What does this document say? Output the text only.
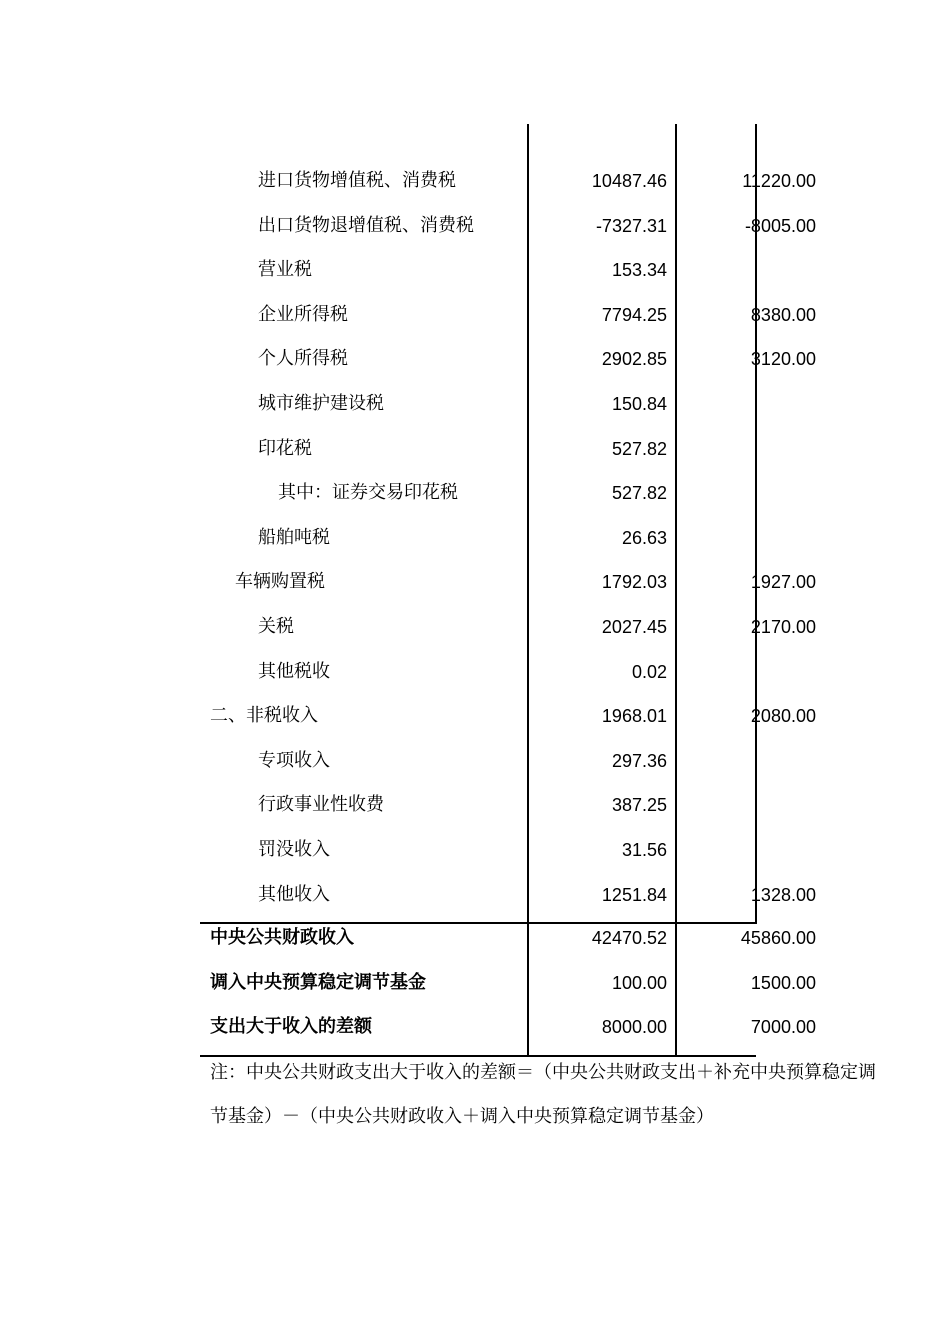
进口货物增值税、消费税	10487.46	11220.00
出口货物退增值税、消费税	-7327.31	-8005.00
营业税	153.34
企业所得税	7794.25	8380.00
个人所得税	2902.85	3120.00
城市维护建设税	150.84
印花税	527.82
其中：证券交易印花税	527.82
船舶吨税	26.63
车辆购置税	1792.03	1927.00
关税	2027.45	2170.00
其他税收	0.02
二、非税收入	1968.01	2080.00
专项收入	297.36
行政事业性收费	387.25
罚没收入	31.56
其他收入	1251.84	1328.00
中央公共财政收入	42470.52	45860.00
调入中央预算稳定调节基金	100.00	1500.00
支出大于收入的差额	8000.00	7000.00
注：中央公共财政支出大于收入的差额＝（中央公共财政支出＋补充中央预算稳定调
节基金）－（中央公共财政收入＋调入中央预算稳定调节基金）
